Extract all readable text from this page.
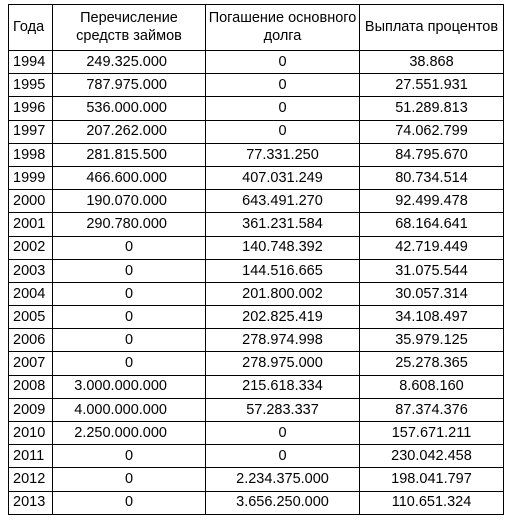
Года	Перечисление средств займов	Погашение основного долга	Выплата процентов
1994	249.325.000	0	38.868
1995	787.975.000	0	27.551.931
1996	536.000.000	0	51.289.813
1997	207.262.000	0	74.062.799
1998	281.815.500	77.331.250	84.795.670
1999	466.600.000	407.031.249	80.734.514
2000	190.070.000	643.491.270	92.499.478
2001	290.780.000	361.231.584	68.164.641
2002	0	140.748.392	42.719.449
2003	0	144.516.665	31.075.544
2004	0	201.800.002	30.057.314
2005	0	202.825.419	34.108.497
2006	0	278.974.998	35.979.125
2007	0	278.975.000	25.278.365
2008	3.000.000.000	215.618.334	8.608.160
2009	4.000.000.000	57.283.337	87.374.376
2010	2.250.000.000	0	157.671.211
2011	0	0	230.042.458
2012	0	2.234.375.000	198.041.797
2013	0	3.656.250.000	110.651.324
